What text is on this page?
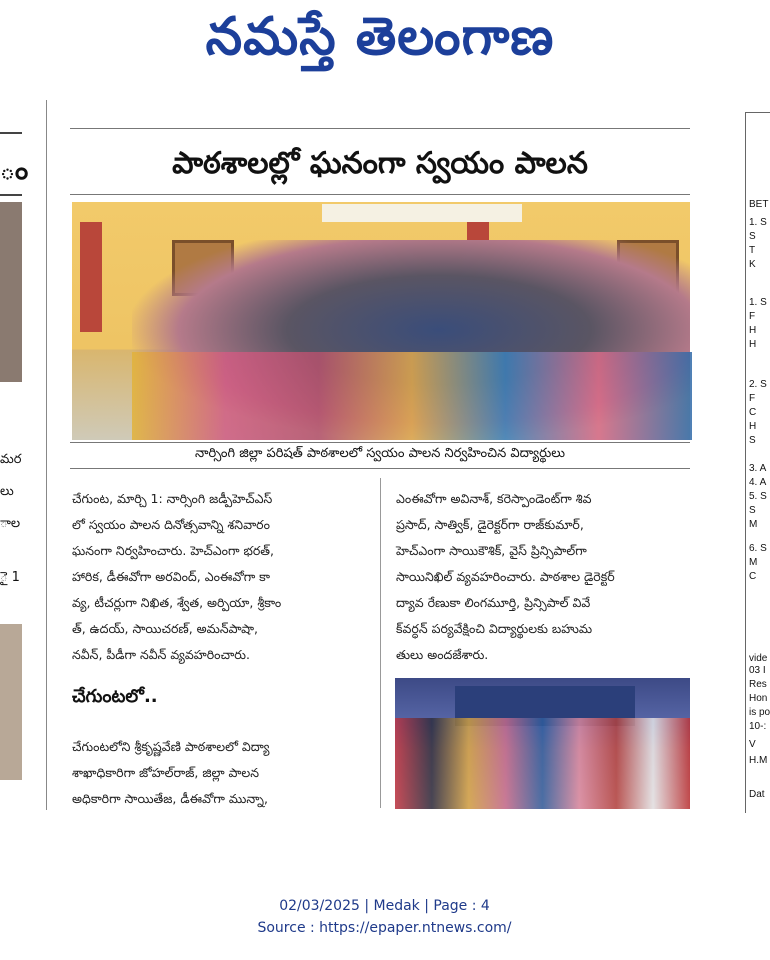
నమస్తే తెలంగాణ
ం
మర
లు
ాల
ై 1
BET
1. S
S
T
K
1. S
F
H
H
2. S
F
C
H
S
3. A
4. A
5. S
S
M
6. S
M
C
vide
03 I
Res
Hon
is po
10-:
V
H.M
Dat
పాఠశాలల్లో ఘనంగా స్వయం పాలన
నార్సింగి జిల్లా పరిషత్ పాఠశాలలో స్వయం పాలన నిర్వహించిన విద్యార్థులు

చేగుంట, మార్చి 1: నార్సింగి జడ్పీహెచ్ఎస్

లో స్వయం పాలన దినోత్సవాన్ని శనివారం

ఘనంగా నిర్వహించారు. హెచ్ఎంగా భరత్,

హారిక, డీఈవోగా అరవింద్, ఎంఈవోగా కా

వ్య, టీచర్లుగా నిఖిత, శ్వేత, అర్పియా, శ్రీకాం

త్, ఉదయ్, సాయిచరణ్, అమన్‌పాషా,

నవీన్, పీడీగా నవీన్ వ్యవహరించారు.

చేగుంటలో..

చేగుంటలోని శ్రీకృష్ణవేణి పాఠశాలలో విద్యా

శాఖాధికారిగా జోహల్‌రాజ్, జిల్లా పాలన

అధికారిగా సాయితేజ, డీఈవోగా మున్నా,

ఎంఈవోగా అవినాశ్, కరెస్పాండెంట్‌గా శివ

ప్రసాద్, సాత్విక్, డైరెక్టర్‌గా రాజ్‌కుమార్,

హెచ్ఎంగా సాయికౌశిక్, వైస్ ప్రిన్సిపాల్‌గా

సాయినిఖిల్ వ్యవహరించారు. పాఠశాల డైరెక్టర్

ద్యావ రేణుకా లింగమూర్తి, ప్రిన్సిపాల్ వివే

క్‌వర్ధన్ పర్యవేక్షించి విద్యార్థులకు బహుమ

తులు అందజేశారు.

02/03/2025 | Medak | Page : 4
Source : https://epaper.ntnews.com/
